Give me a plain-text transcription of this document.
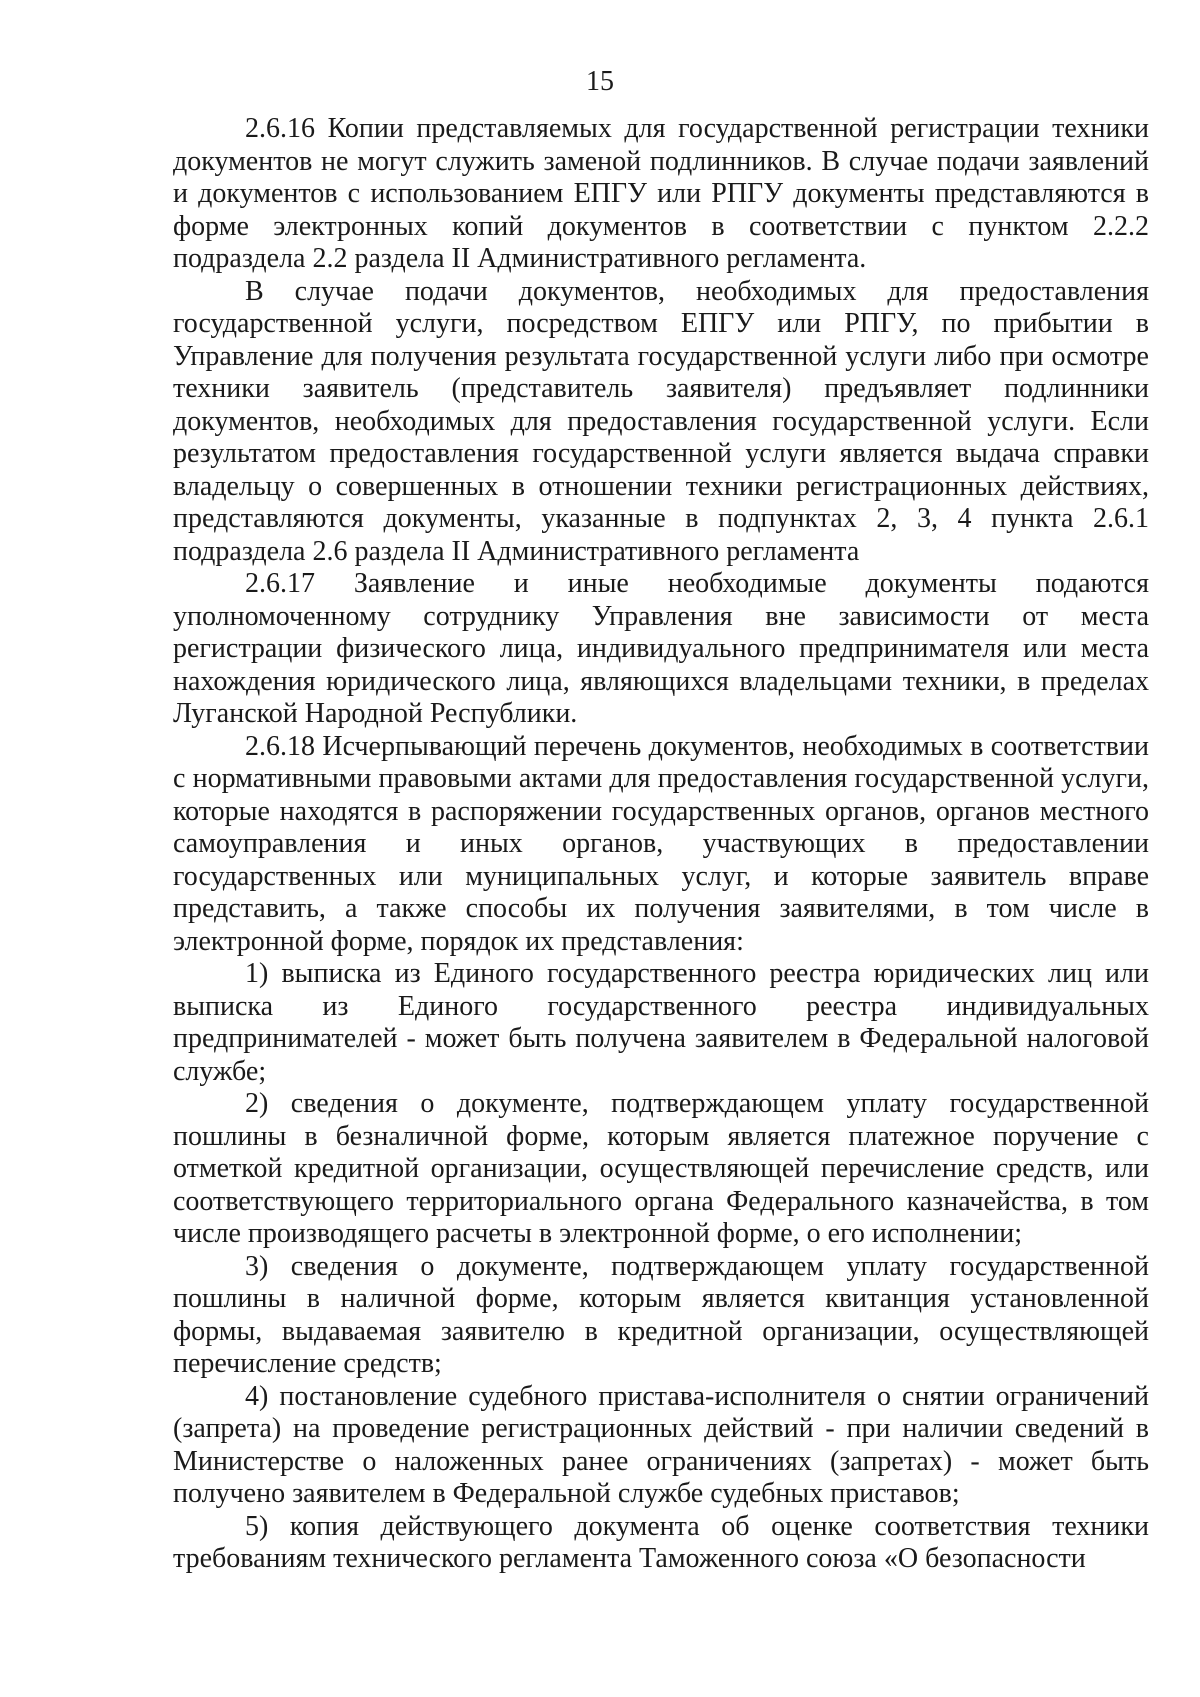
15

2.6.16 Копии представляемых для государственной регистрации техники документов не могут служить заменой подлинников. В случае подачи заявлений и документов с использованием ЕПГУ или РПГУ документы представляются в форме электронных копий документов в соответствии с пунктом 2.2.2 подраздела 2.2 раздела II Административного регламента.

В случае подачи документов, необходимых для предоставления государственной услуги, посредством ЕПГУ или РПГУ, по прибытии в Управление для получения результата государственной услуги либо при осмотре техники заявитель (представитель заявителя) предъявляет подлинники документов, необходимых для предоставления государственной услуги. Если результатом предоставления государственной услуги является выдача справки владельцу о совершенных в отношении техники регистрационных действиях, представляются документы, указанные в подпунктах 2, 3, 4 пункта 2.6.1 подраздела 2.6 раздела II Административного регламента

2.6.17 Заявление и иные необходимые документы подаются уполномоченному сотруднику Управления вне зависимости от места регистрации физического лица, индивидуального предпринимателя или места нахождения юридического лица, являющихся владельцами техники, в пределах Луганской Народной Республики.

2.6.18 Исчерпывающий перечень документов, необходимых в соответствии с нормативными правовыми актами для предоставления государственной услуги, которые находятся в распоряжении государственных органов, органов местного самоуправления и иных органов, участвующих в предоставлении государственных или муниципальных услуг, и которые заявитель вправе представить, а также способы их получения заявителями, в том числе в электронной форме, порядок их представления:

1) выписка из Единого государственного реестра юридических лиц или выписка из Единого государственного реестра индивидуальных предпринимателей - может быть получена заявителем в Федеральной налоговой службе;

2) сведения о документе, подтверждающем уплату государственной пошлины в безналичной форме, которым является платежное поручение с отметкой кредитной организации, осуществляющей перечисление средств, или соответствующего территориального органа Федерального казначейства, в том числе производящего расчеты в электронной форме, о его исполнении;

3) сведения о документе, подтверждающем уплату государственной пошлины в наличной форме, которым является квитанция установленной формы, выдаваемая заявителю в кредитной организации, осуществляющей перечисление средств;

4) постановление судебного пристава-исполнителя о снятии ограничений (запрета) на проведение регистрационных действий - при наличии сведений в Министерстве о наложенных ранее ограничениях (запретах) - может быть получено заявителем в Федеральной службе судебных приставов;

5) копия действующего документа об оценке соответствия техники требованиям технического регламента Таможенного союза «О безопасности
